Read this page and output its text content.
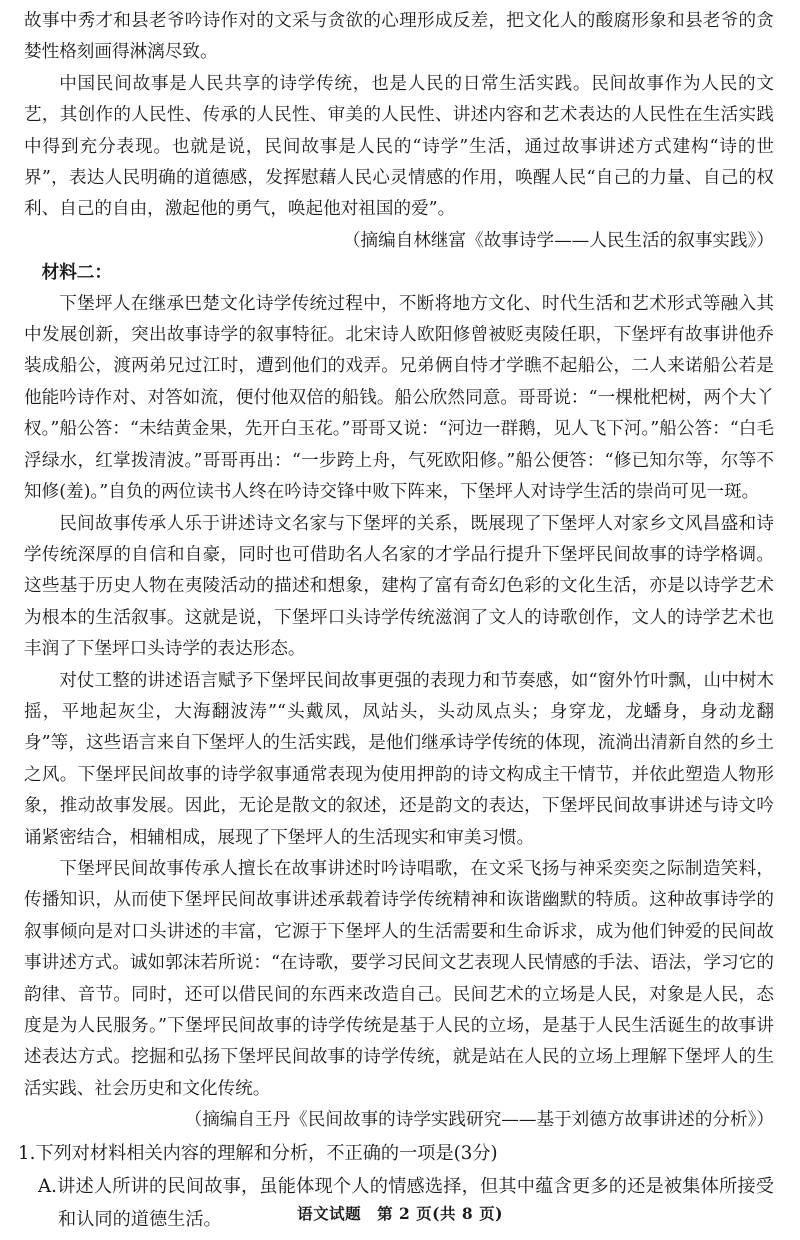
故事中秀才和县老爷吟诗作对的文采与贪欲的心理形成反差，把文化人的酸腐形象和县老爷的贪婪性格刻画得淋漓尽致。

中国民间故事是人民共享的诗学传统，也是人民的日常生活实践。民间故事作为人民的文艺，其创作的人民性、传承的人民性、审美的人民性、讲述内容和艺术表达的人民性在生活实践中得到充分表现。也就是说，民间故事是人民的“诗学”生活，通过故事讲述方式建构“诗的世界”，表达人民明确的道德感，发挥慰藉人民心灵情感的作用，唤醒人民“自己的力量、自己的权利、自己的自由，激起他的勇气，唤起他对祖国的爱”。

（摘编自林继富《故事诗学——人民生活的叙事实践》）

材料二：

下堡坪人在继承巴楚文化诗学传统过程中，不断将地方文化、时代生活和艺术形式等融入其中发展创新，突出故事诗学的叙事特征。北宋诗人欧阳修曾被贬夷陵任职，下堡坪有故事讲他乔装成船公，渡两弟兄过江时，遭到他们的戏弄。兄弟俩自恃才学瞧不起船公，二人来诺船公若是他能吟诗作对、对答如流，便付他双倍的船钱。船公欣然同意。哥哥说：“一棵枇杷树，两个大丫杈。”船公答：“未结黄金果，先开白玉花。”哥哥又说：“河边一群鹅，见人飞下河。”船公答：“白毛浮绿水，红掌拨清波。”哥哥再出：“一步跨上舟，气死欧阳修。”船公便答：“修已知尔等，尔等不知修(羞)。”自负的两位读书人终在吟诗交锋中败下阵来，下堡坪人对诗学生活的崇尚可见一斑。

民间故事传承人乐于讲述诗文名家与下堡坪的关系，既展现了下堡坪人对家乡文风昌盛和诗学传统深厚的自信和自豪，同时也可借助名人名家的才学品行提升下堡坪民间故事的诗学格调。这些基于历史人物在夷陵活动的描述和想象，建构了富有奇幻色彩的文化生活，亦是以诗学艺术为根本的生活叙事。这就是说，下堡坪口头诗学传统滋润了文人的诗歌创作，文人的诗学艺术也丰润了下堡坪口头诗学的表达形态。

对仗工整的讲述语言赋予下堡坪民间故事更强的表现力和节奏感，如“窗外竹叶飘，山中树木摇，平地起灰尘，大海翻波涛”“头戴凤，凤站头，头动凤点头；身穿龙，龙蟠身，身动龙翻身”等，这些语言来自下堡坪人的生活实践，是他们继承诗学传统的体现，流淌出清新自然的乡土之风。下堡坪民间故事的诗学叙事通常表现为使用押韵的诗文构成主干情节，并依此塑造人物形象，推动故事发展。因此，无论是散文的叙述，还是韵文的表达，下堡坪民间故事讲述与诗文吟诵紧密结合，相辅相成，展现了下堡坪人的生活现实和审美习惯。

下堡坪民间故事传承人擅长在故事讲述时吟诗唱歌，在文采飞扬与神采奕奕之际制造笑料，传播知识，从而使下堡坪民间故事讲述承载着诗学传统精神和诙谐幽默的特质。这种故事诗学的叙事倾向是对口头讲述的丰富，它源于下堡坪人的生活需要和生命诉求，成为他们钟爱的民间故事讲述方式。诚如郭沫若所说：“在诗歌，要学习民间文艺表现人民情感的手法、语法，学习它的韵律、音节。同时，还可以借民间的东西来改造自己。民间艺术的立场是人民，对象是人民，态度是为人民服务。”下堡坪民间故事的诗学传统是基于人民的立场，是基于人民生活诞生的故事讲述表达方式。挖掘和弘扬下堡坪民间故事的诗学传统，就是站在人民的立场上理解下堡坪人的生活实践、社会历史和文化传统。

（摘编自王丹《民间故事的诗学实践研究——基于刘德方故事讲述的分析》）

1.下列对材料相关内容的理解和分析，不正确的一项是(3分)

A.讲述人所讲的民间故事，虽能体现个人的情感选择，但其中蕴含更多的还是被集体所接受和认同的道德生活。	语文试题　第 2 页(共 8 页)
